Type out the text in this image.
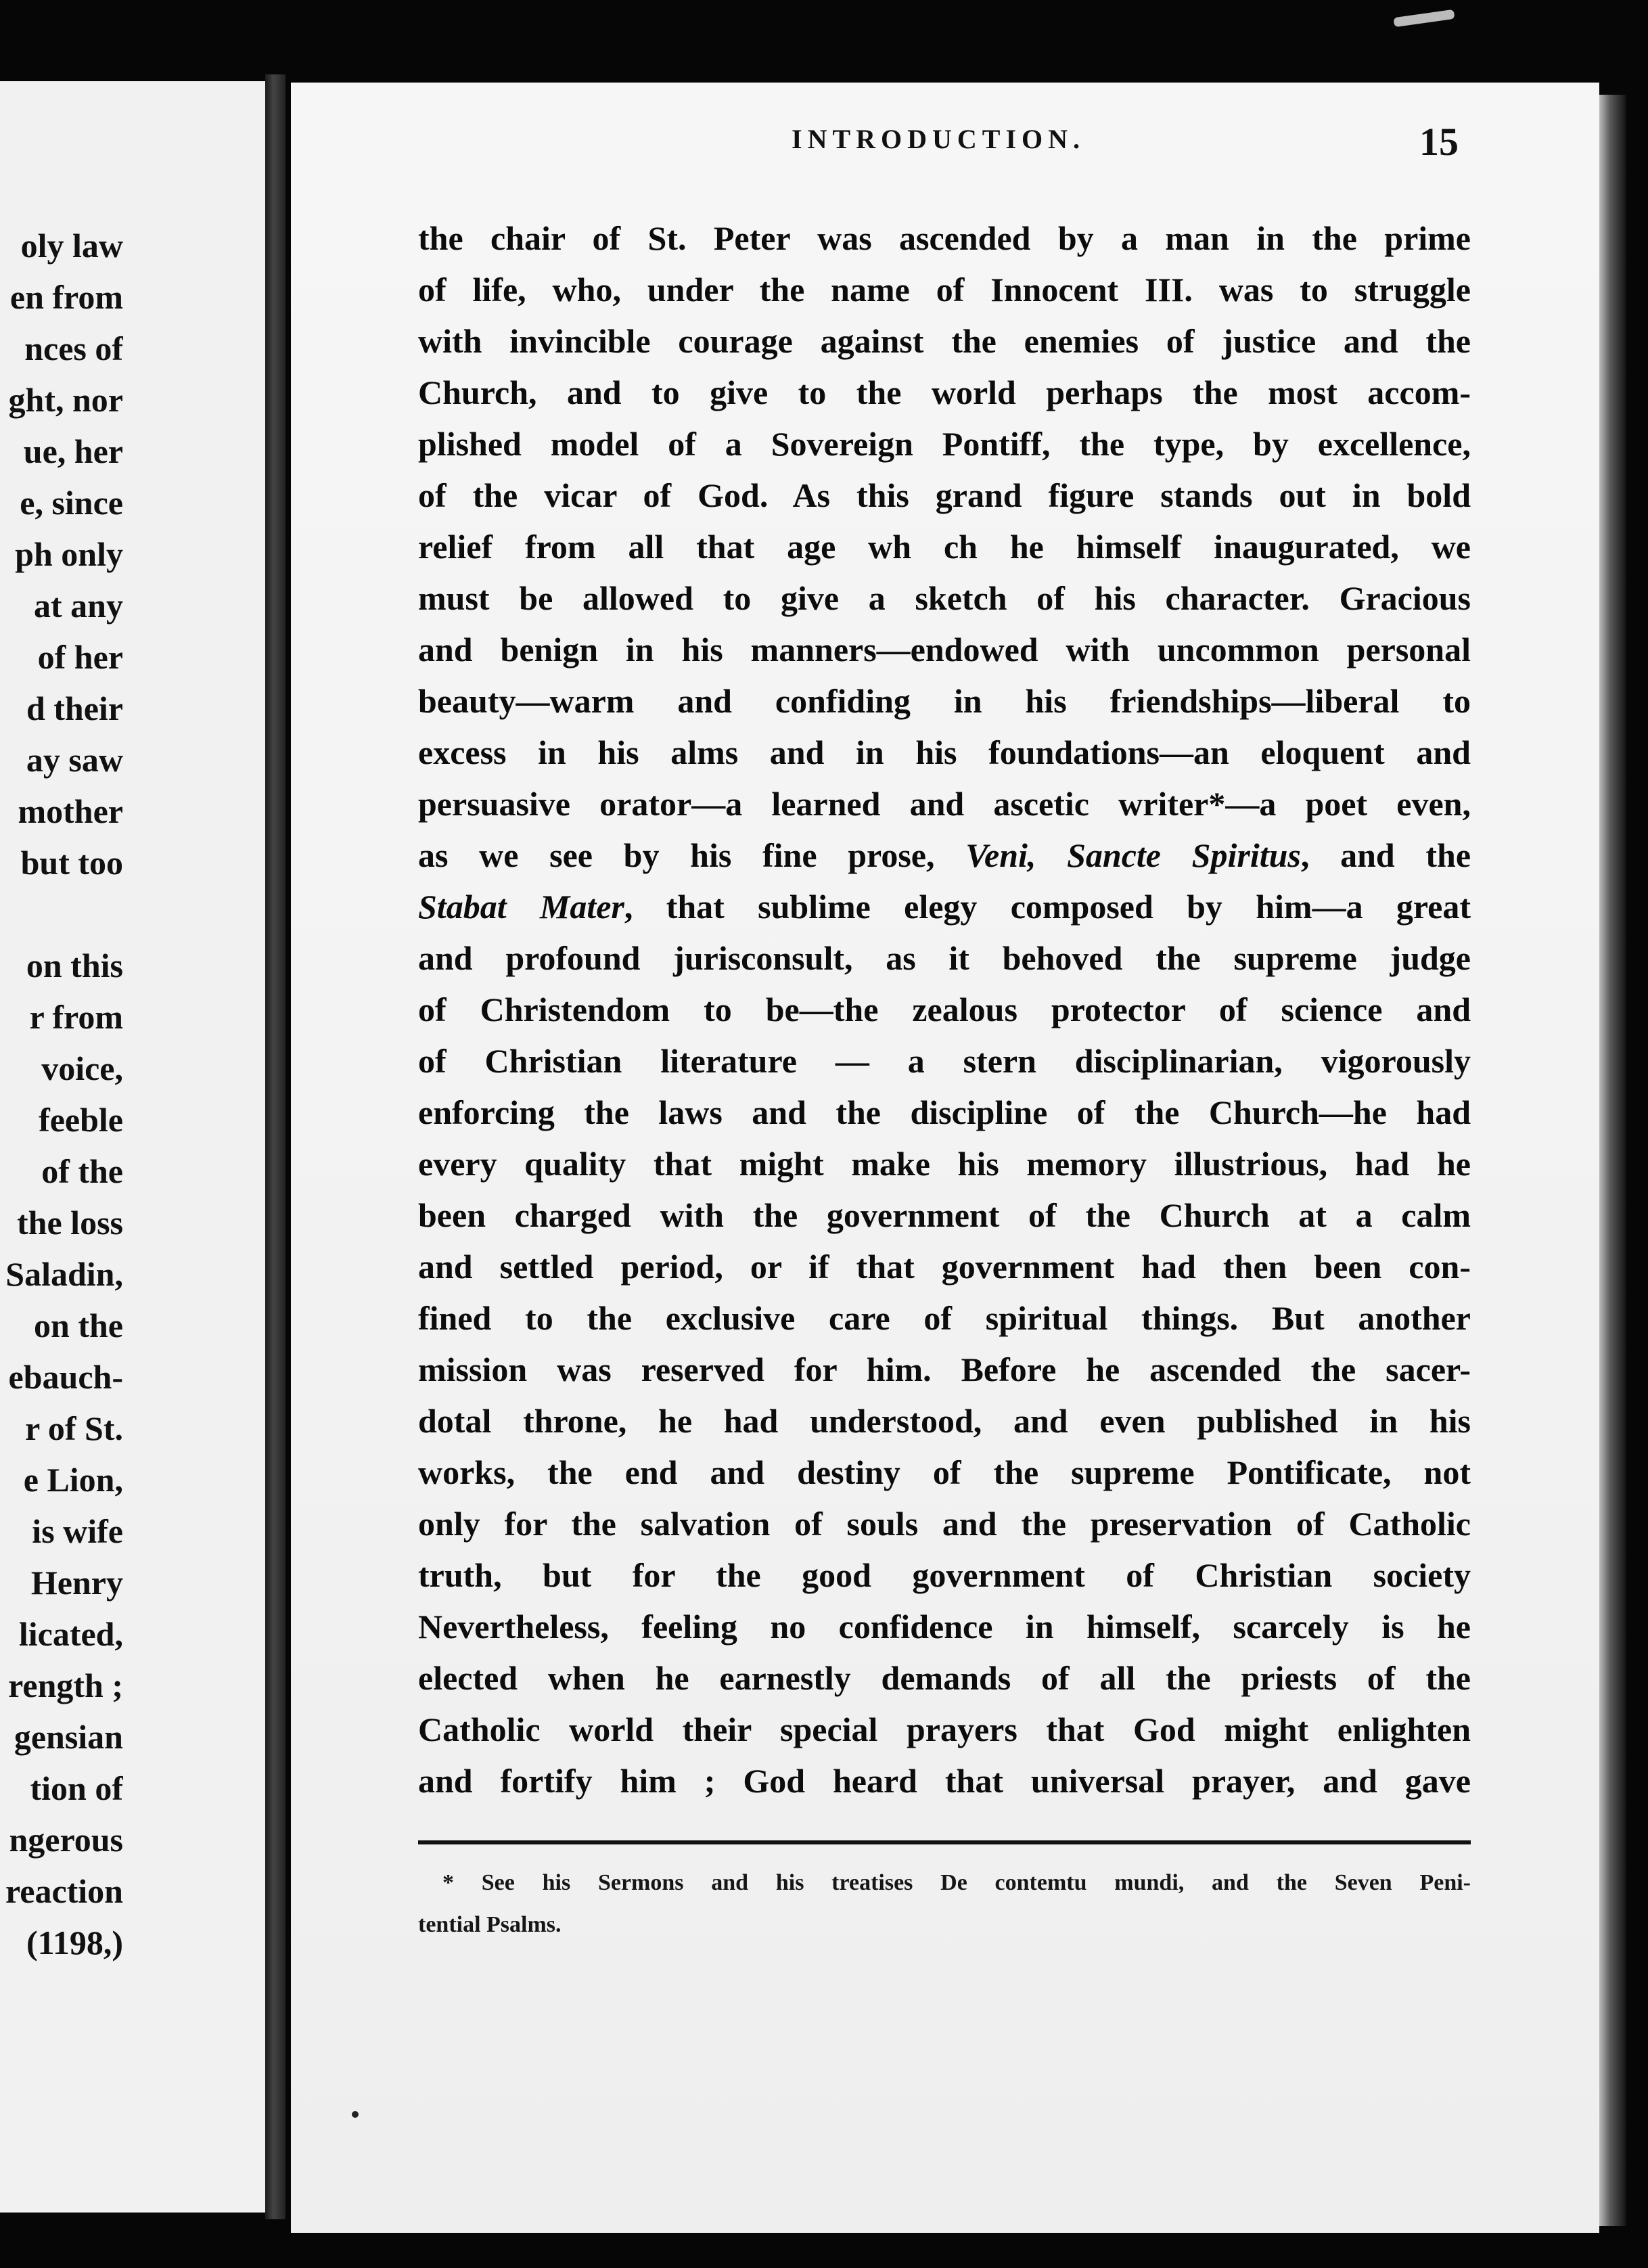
oly law
en from
nces of
ght, nor
ue, her
e, since
ph only
at any
of her
d their
ay saw
mother
but too
on this
r from
voice,
feeble
of the
the loss
Saladin,
on the
ebauch-
r of St.
e Lion,
is wife
Henry
licated,
rength ;
gensian
tion of
ngerous
reaction
(1198,)
INTRODUCTION.	15
the chair of St. Peter was ascended by a man in the prime
of life, who, under the name of Innocent III. was to struggle
with invincible courage against the enemies of justice and the
Church, and to give to the world perhaps the most accom-
plished model of a Sovereign Pontiff, the type, by excellence,
of the vicar of God. As this grand figure stands out in bold
relief from all that age wh ch he himself inaugurated, we
must be allowed to give a sketch of his character. Gracious
and benign in his manners—endowed with uncommon personal
beauty—warm and confiding in his friendships—liberal to
excess in his alms and in his foundations—an eloquent and
persuasive orator—a learned and ascetic writer*—a poet even,
as we see by his fine prose, Veni, Sancte Spiritus, and the
Stabat Mater, that sublime elegy composed by him—a great
and profound jurisconsult, as it behoved the supreme judge
of Christendom to be—the zealous protector of science and
of Christian literature — a stern disciplinarian, vigorously
enforcing the laws and the discipline of the Church—he had
every quality that might make his memory illustrious, had he
been charged with the government of the Church at a calm
and settled period, or if that government had then been con-
fined to the exclusive care of spiritual things. But another
mission was reserved for him. Before he ascended the sacer-
dotal throne, he had understood, and even published in his
works, the end and destiny of the supreme Pontificate, not
only for the salvation of souls and the preservation of Catholic
truth, but for the good government of Christian society
Nevertheless, feeling no confidence in himself, scarcely is he
elected when he earnestly demands of all the priests of the
Catholic world their special prayers that God might enlighten
and fortify him ; God heard that universal prayer, and gave
* See his Sermons and his treatises De contemtu mundi, and the Seven Peni-
tential Psalms.
